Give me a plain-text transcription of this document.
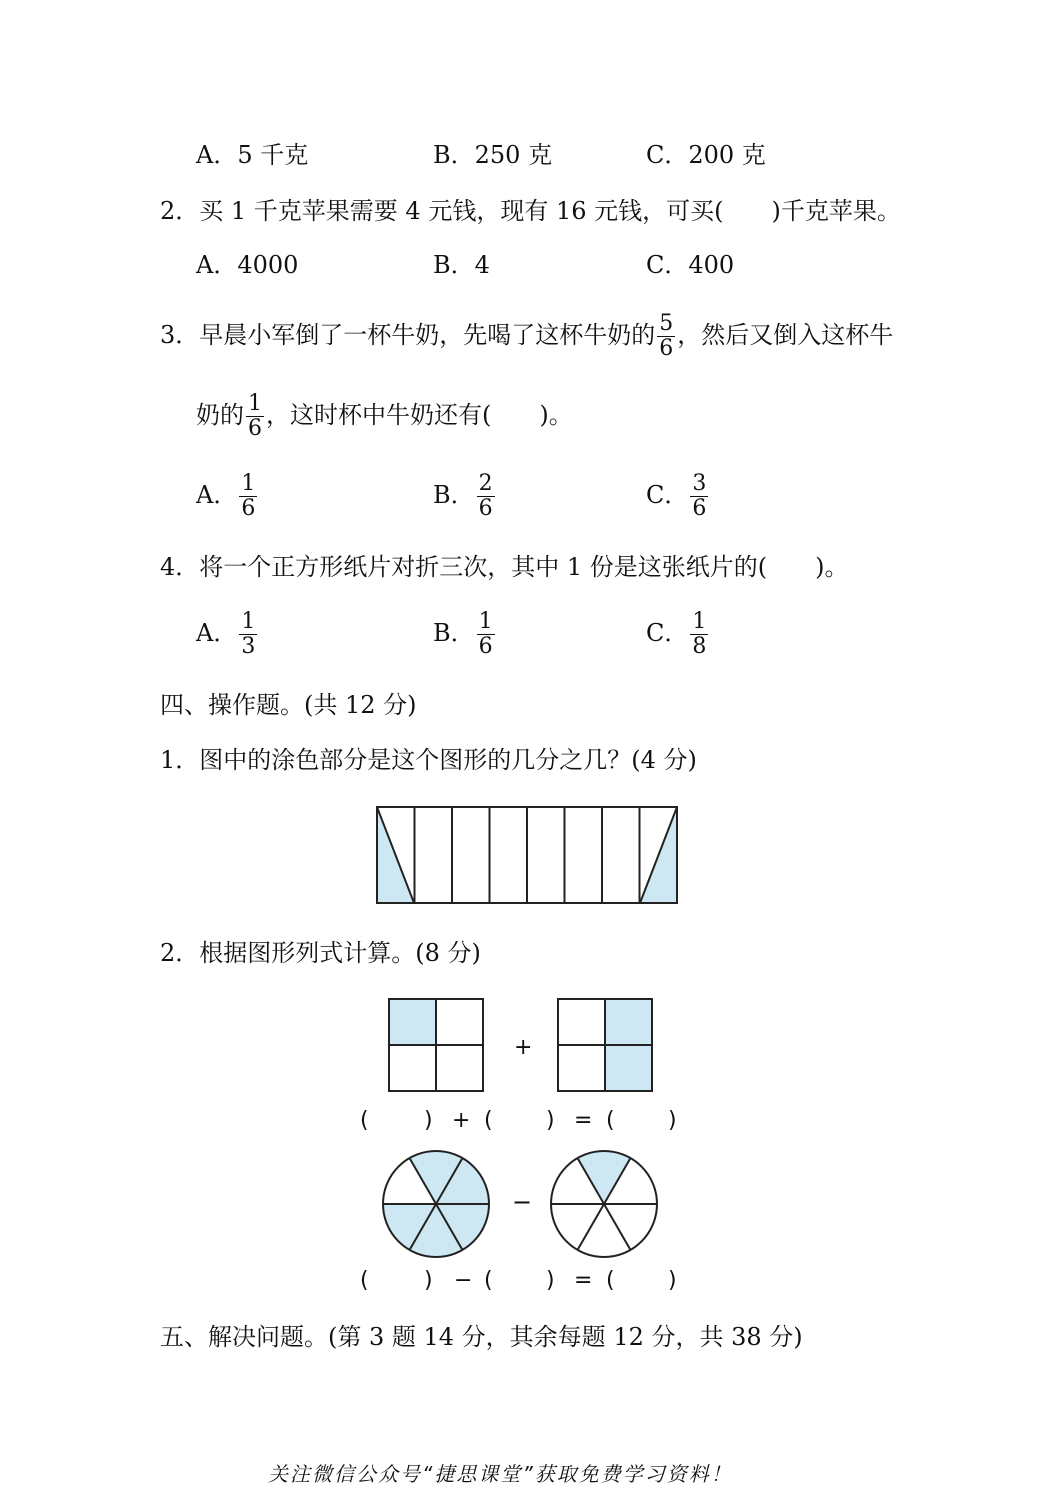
A．5 千克	B．250 克	C．200 克
2．买 1 千克苹果需要 4 元钱，现有 16 元钱，可买(　　)千克苹果。
A．4000	B．4	C．400
3．早晨小军倒了一杯牛奶，先喝了这杯牛奶的 $\frac{5}{6}$ ，然后又倒入这杯牛
奶的 $\frac{1}{6}$ ，这时杯中牛奶还有(　　)。
A． $\frac{1}{6}$	B． $\frac{2}{6}$	C． $\frac{3}{6}$
4．将一个正方形纸片对折三次，其中 1 份是这张纸片的(　　)。
A． $\frac{1}{3}$	B． $\frac{1}{6}$	C． $\frac{1}{8}$
四、操作题。(共 12 分)
1．图中的涂色部分是这个图形的几分之几？(4 分)
2．根据图形列式计算。(8 分)
+
(	) + ( ) = ( )
−
(	) − ( ) = ( )
五、解决问题。(第 3 题 14 分，其余每题 12 分，共 38 分)
关注微信公众号“捷思课堂”获取免费学习资料！
